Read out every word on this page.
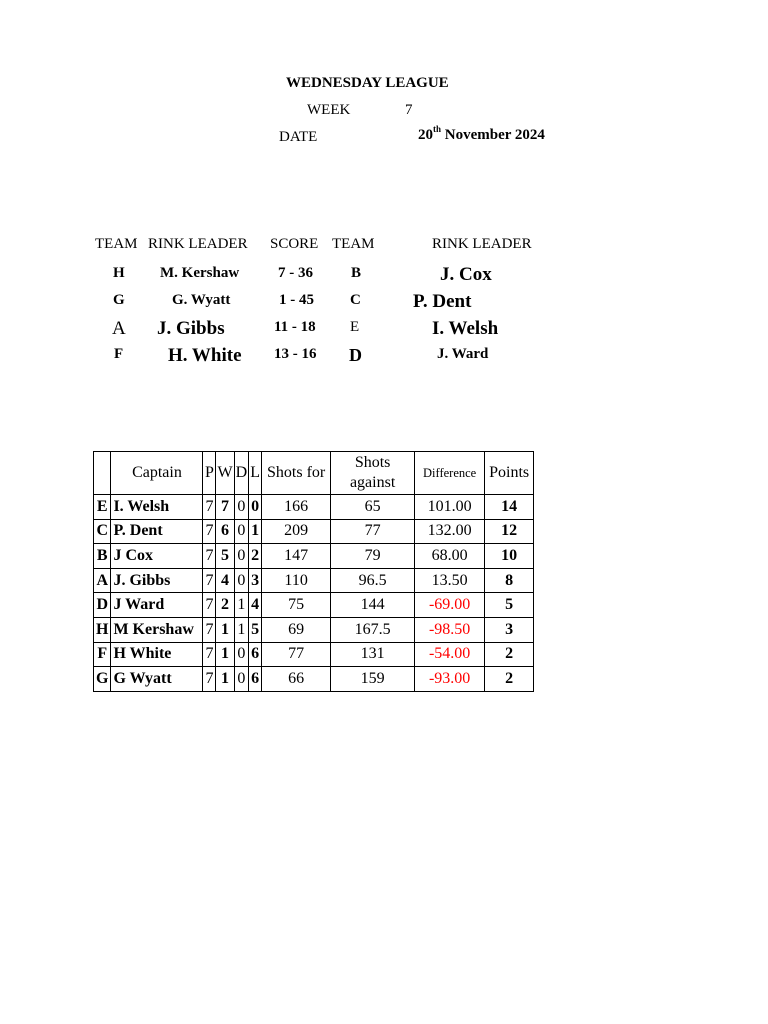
WEDNESDAY LEAGUE
WEEK	7
DATE	20th November 2024
TEAM RINK LEADER SCORE TEAM	RINK LEADER
H M. Kershaw	7 - 36	B	J. Cox
G	G. Wyatt	1 - 45 C	P. Dent
A J. Gibbs	11 - 18 E	I. Welsh
F H. White 13 - 16 D	J. Ward
	Captain	P	W	D	L	Shots for	Shots against	Difference	Points
E	I. Welsh	7	7	0	0	166	65	101.00	14
C	P. Dent	7	6	0	1	209	77	132.00	12
B	J Cox	7	5	0	2	147	79	68.00	10
A	J. Gibbs	7	4	0	3	110	96.5	13.50	8
D	J Ward	7	2	1	4	75	144	-69.00	5
H	M Kershaw	7	1	1	5	69	167.5	-98.50	3
F	H White	7	1	0	6	77	131	-54.00	2
G	G Wyatt	7	1	0	6	66	159	-93.00	2
